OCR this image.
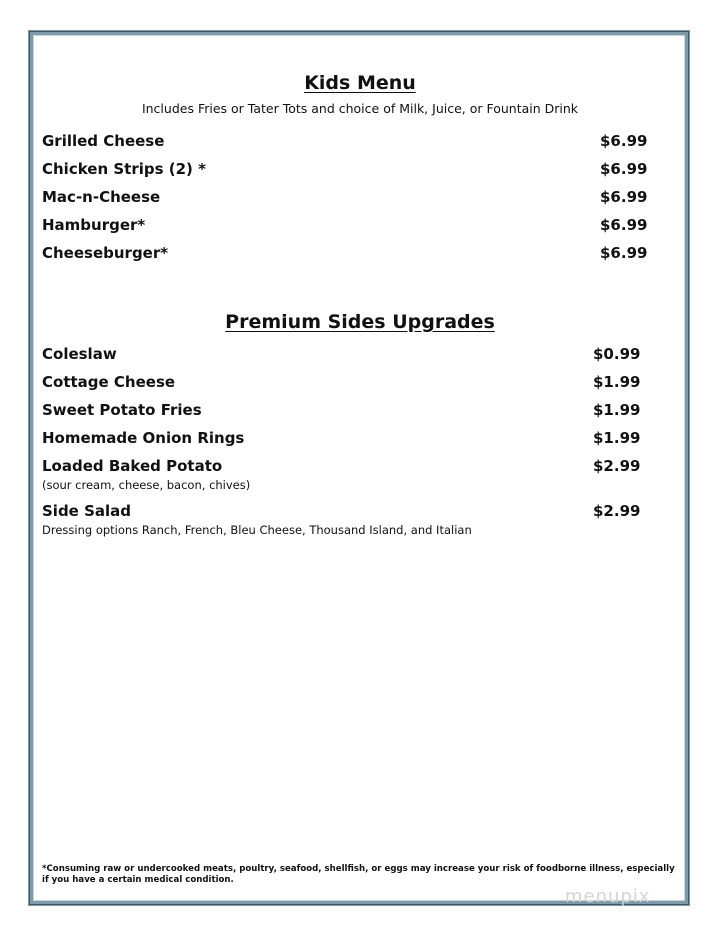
Kids Menu
Includes Fries or Tater Tots and choice of Milk, Juice, or Fountain Drink
Grilled Cheese	$6.99
Chicken Strips (2) *	$6.99
Mac-n-Cheese	$6.99
Hamburger*	$6.99
Cheeseburger*	$6.99
Premium Sides Upgrades
Coleslaw	$0.99
Cottage Cheese	$1.99
Sweet Potato Fries	$1.99
Homemade Onion Rings	$1.99
Loaded Baked Potato	$2.99
(sour cream, cheese, bacon, chives)
Side Salad	$2.99
Dressing options Ranch, French, Bleu Cheese, Thousand Island, and Italian
*Consuming raw or undercooked meats, poultry, seafood, shellfish, or eggs may increase your risk of foodborne illness, especially if you have a certain medical condition.
menupix
